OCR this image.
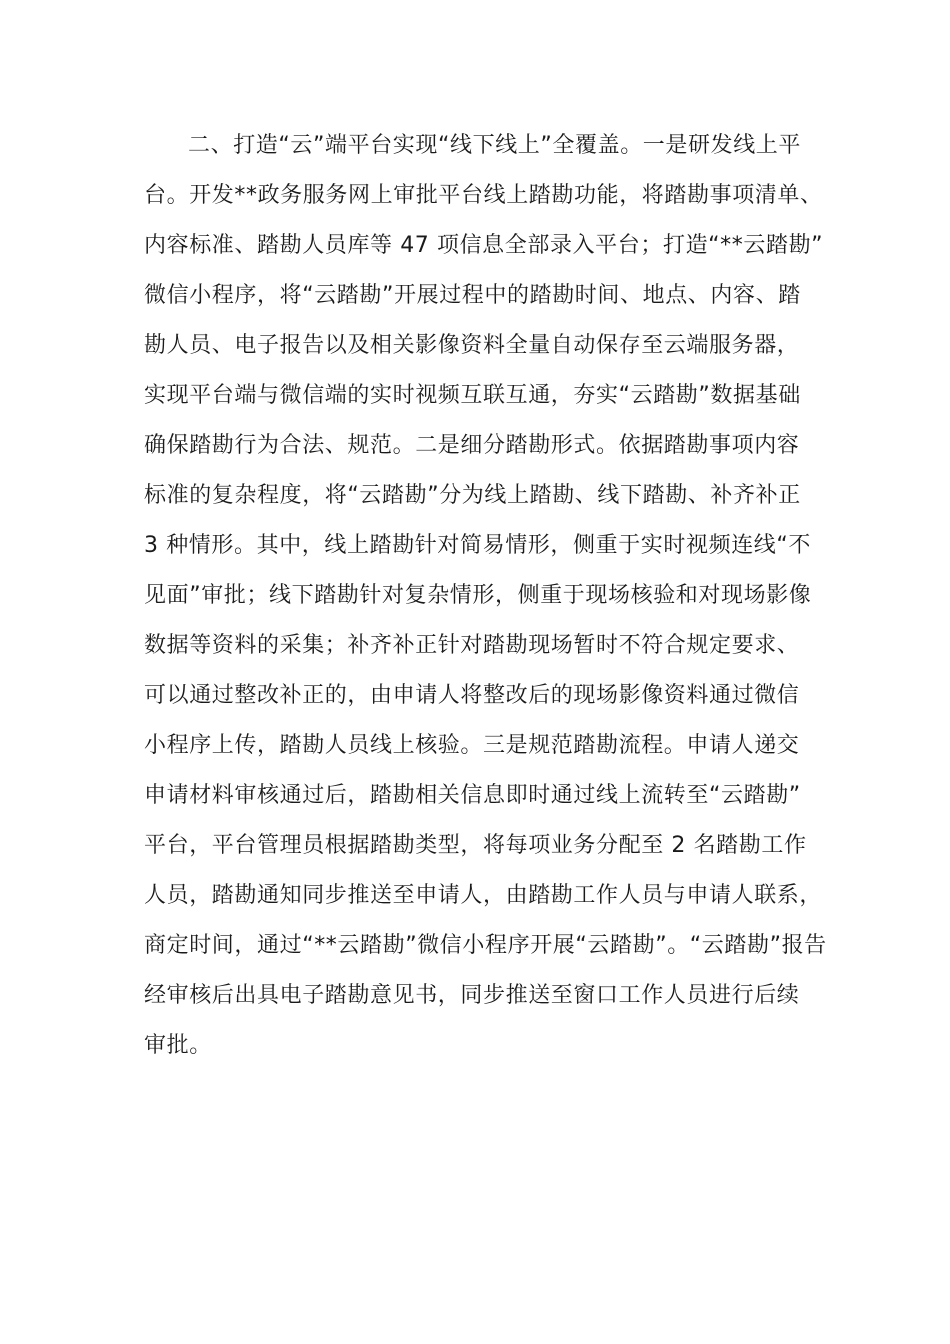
二、打造“云”端平台实现“线下线上”全覆盖。一是研发线上平
台。开发**政务服务网上审批平台线上踏勘功能，将踏勘事项清单、
内容标准、踏勘人员库等 47 项信息全部录入平台；打造“**云踏勘”
微信小程序，将“云踏勘”开展过程中的踏勘时间、地点、内容、踏
勘人员、电子报告以及相关影像资料全量自动保存至云端服务器，
实现平台端与微信端的实时视频互联互通，夯实“云踏勘”数据基础
确保踏勘行为合法、规范。二是细分踏勘形式。依据踏勘事项内容
标准的复杂程度，将“云踏勘”分为线上踏勘、线下踏勘、补齐补正
3 种情形。其中，线上踏勘针对简易情形，侧重于实时视频连线“不
见面”审批；线下踏勘针对复杂情形，侧重于现场核验和对现场影像
数据等资料的采集；补齐补正针对踏勘现场暂时不符合规定要求、
可以通过整改补正的，由申请人将整改后的现场影像资料通过微信
小程序上传，踏勘人员线上核验。三是规范踏勘流程。申请人递交
申请材料审核通过后，踏勘相关信息即时通过线上流转至“云踏勘”
平台，平台管理员根据踏勘类型，将每项业务分配至 2 名踏勘工作
人员，踏勘通知同步推送至申请人，由踏勘工作人员与申请人联系，
商定时间，通过“**云踏勘”微信小程序开展“云踏勘”。“云踏勘”报告
经审核后出具电子踏勘意见书，同步推送至窗口工作人员进行后续
审批。
